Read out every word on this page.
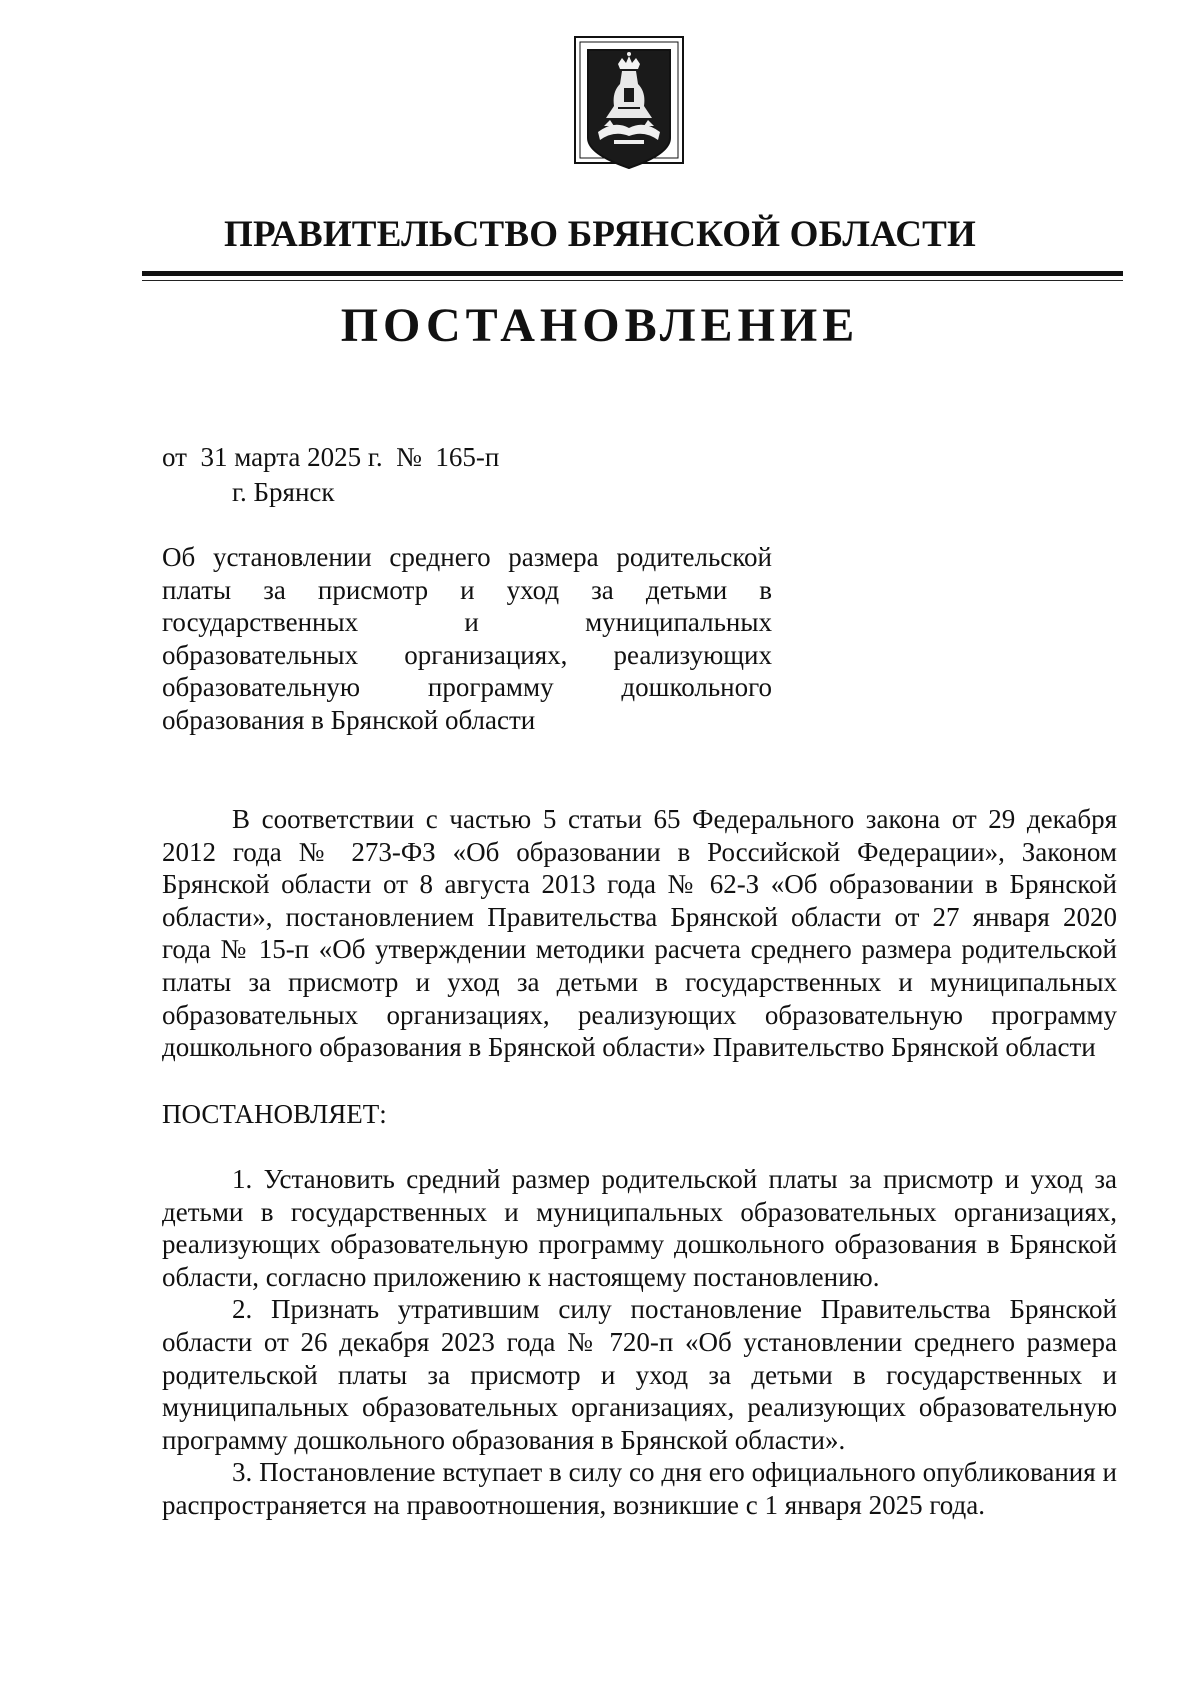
ПРАВИТЕЛЬСТВО БРЯНСКОЙ ОБЛАСТИ
ПОСТАНОВЛЕНИЕ
от  31 марта 2025 г.  №  165-п
г. Брянск
Об установлении среднего размера родительской платы за присмотр и уход за детьми в государственных и муниципальных образовательных организациях, реализующих образовательную программу дошкольного образования в Брянской области

В соответствии с частью 5 статьи 65 Федерального закона от 29 декабря 2012 года № 273-ФЗ «Об образовании в Российской Федерации», Законом Брянской области от 8 августа 2013 года № 62-З «Об образовании в Брянской области», постановлением Правительства Брянской области от 27 января 2020 года № 15-п «Об утверждении методики расчета среднего размера родительской платы за присмотр и уход за детьми в государственных и муниципальных образовательных организациях, реализующих образовательную программу дошкольного образования в Брянской области» Правительство Брянской области

ПОСТАНОВЛЯЕТ:

1. Установить средний размер родительской платы за присмотр и уход за детьми в государственных и муниципальных образовательных организациях, реализующих образовательную программу дошкольного образования в Брянской области, согласно приложению к настоящему постановлению.

2. Признать утратившим силу постановление Правительства Брянской области от 26 декабря 2023 года № 720-п «Об установлении среднего размера родительской платы за присмотр и уход за детьми в государственных и муниципальных образовательных организациях, реализующих образовательную программу дошкольного образования в Брянской области».

3. Постановление вступает в силу со дня его официального опубликования и распространяется на правоотношения, возникшие с 1 января 2025 года.
